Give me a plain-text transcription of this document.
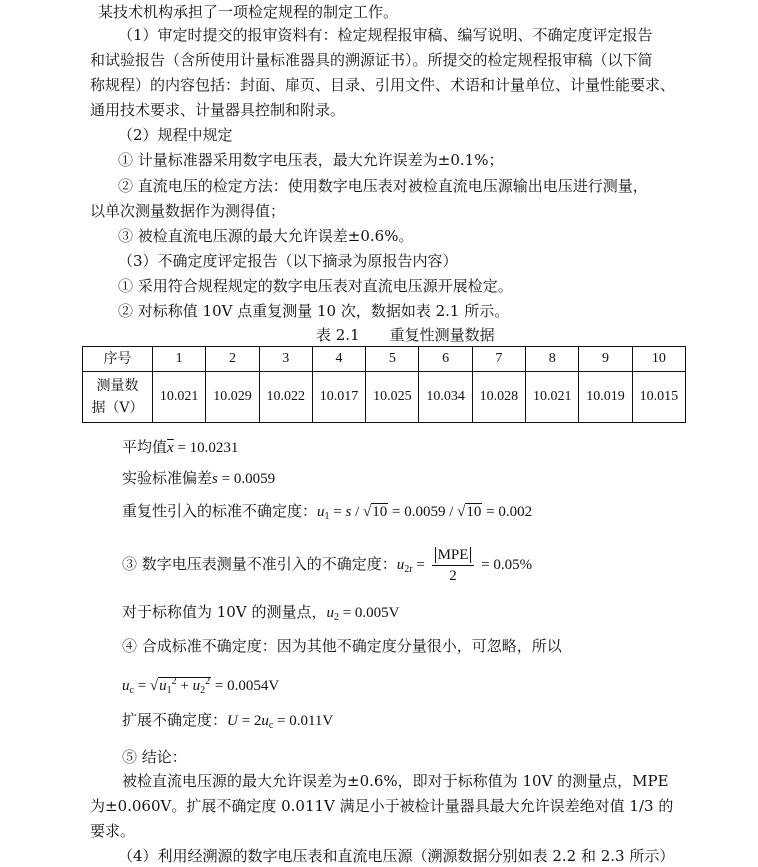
某技术机构承担了一项检定规程的制定工作。
（1）审定时提交的报审资料有：检定规程报审稿、编写说明、不确定度评定报告
和试验报告（含所使用计量标准器具的溯源证书）。所提交的检定规程报审稿（以下简
称规程）的内容包括：封面、扉页、目录、引用文件、术语和计量单位、计量性能要求、
通用技术要求、计量器具控制和附录。
（2）规程中规定
① 计量标准器采用数字电压表，最大允许误差为±0.1%；
② 直流电压的检定方法：使用数字电压表对被检直流电压源输出电压进行测量，
以单次测量数据作为测得值；
③ 被检直流电压源的最大允许误差±0.6%。
（3）不确定度评定报告（以下摘录为原报告内容）
① 采用符合规程规定的数字电压表对直流电压源开展检定。
② 对标称值 10V 点重复测量 10 次，数据如表 2.1 所示。
表 2.1　　重复性测量数据
序号	1	2	3	4	5	6	7	8	9	10
测量数
据（V）	10.021	10.029	10.022	10.017	10.025	10.034	10.028	10.021	10.019	10.015
平均值$\overline{x} = 10.0231$
实验标准偏差s = 0.0059
重复性引入的标准不确定度：$u_1 = s / √10 = 0.0059 / √10 = 0.002$
③ 数字电压表测量不准引入的不确定度：$u_{2r} = \frac{\text{MPE}}{2} = 0.05\%$
对于标称值为 10V 的测量点，$u_2 = 0.005V$
④ 合成标准不确定度：因为其他不确定度分量很小，可忽略，所以
$u_c = √u_1^2 + u_2^2 = 0.0054V$
扩展不确定度：$U = 2u_c = 0.011V$
⑤ 结论：
被检直流电压源的最大允许误差为±0.6%，即对于标称值为 10V 的测量点，MPE
为±0.060V。扩展不确定度 0.011V 满足小于被检计量器具最大允许误差绝对值 1/3 的
要求。
（4）利用经溯源的数字电压表和直流电压源（溯源数据分别如表 2.2 和 2.3 所示）
